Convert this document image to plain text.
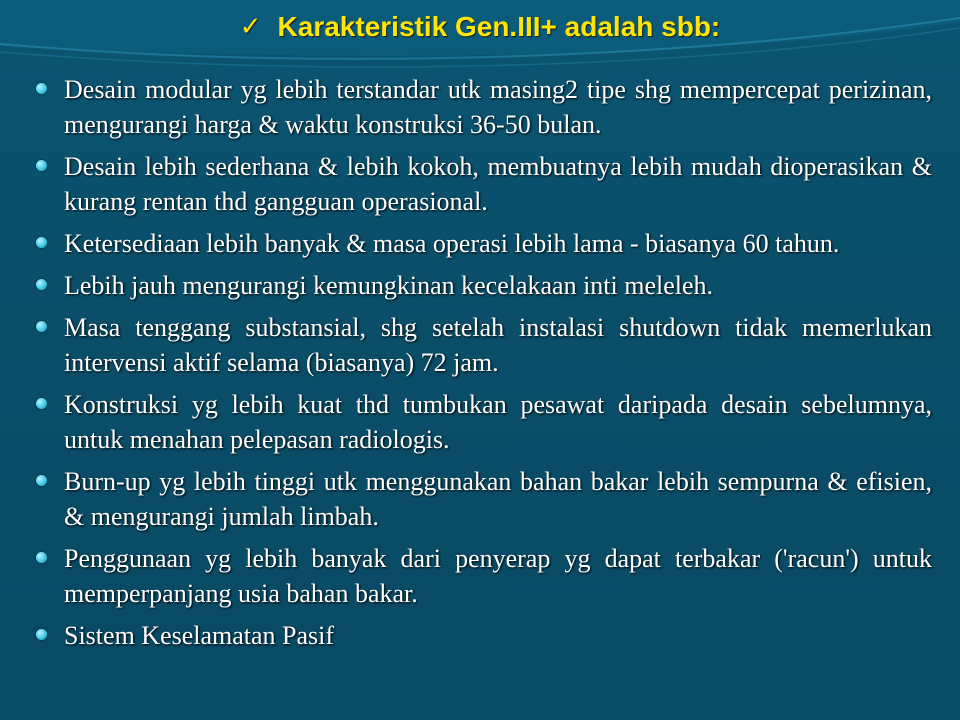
✓ Karakteristik Gen.III+ adalah sbb:
Desain modular yg lebih terstandar utk masing2 tipe shg mempercepat perizinan, mengurangi harga & waktu konstruksi 36-50 bulan.
Desain lebih sederhana & lebih kokoh, membuatnya lebih mudah dioperasikan & kurang rentan thd gangguan operasional.
Ketersediaan lebih banyak & masa operasi lebih lama - biasanya 60 tahun.
Lebih jauh mengurangi kemungkinan kecelakaan inti meleleh.
Masa tenggang substansial, shg setelah instalasi shutdown tidak memerlukan intervensi aktif selama (biasanya) 72 jam.
Konstruksi yg lebih kuat thd tumbukan pesawat daripada desain sebelumnya, untuk menahan pelepasan radiologis.
Burn-up yg lebih tinggi utk menggunakan bahan bakar lebih sempurna & efisien, & mengurangi jumlah limbah.
Penggunaan yg lebih banyak dari penyerap yg dapat terbakar ('racun') untuk memperpanjang usia bahan bakar.
Sistem Keselamatan Pasif
